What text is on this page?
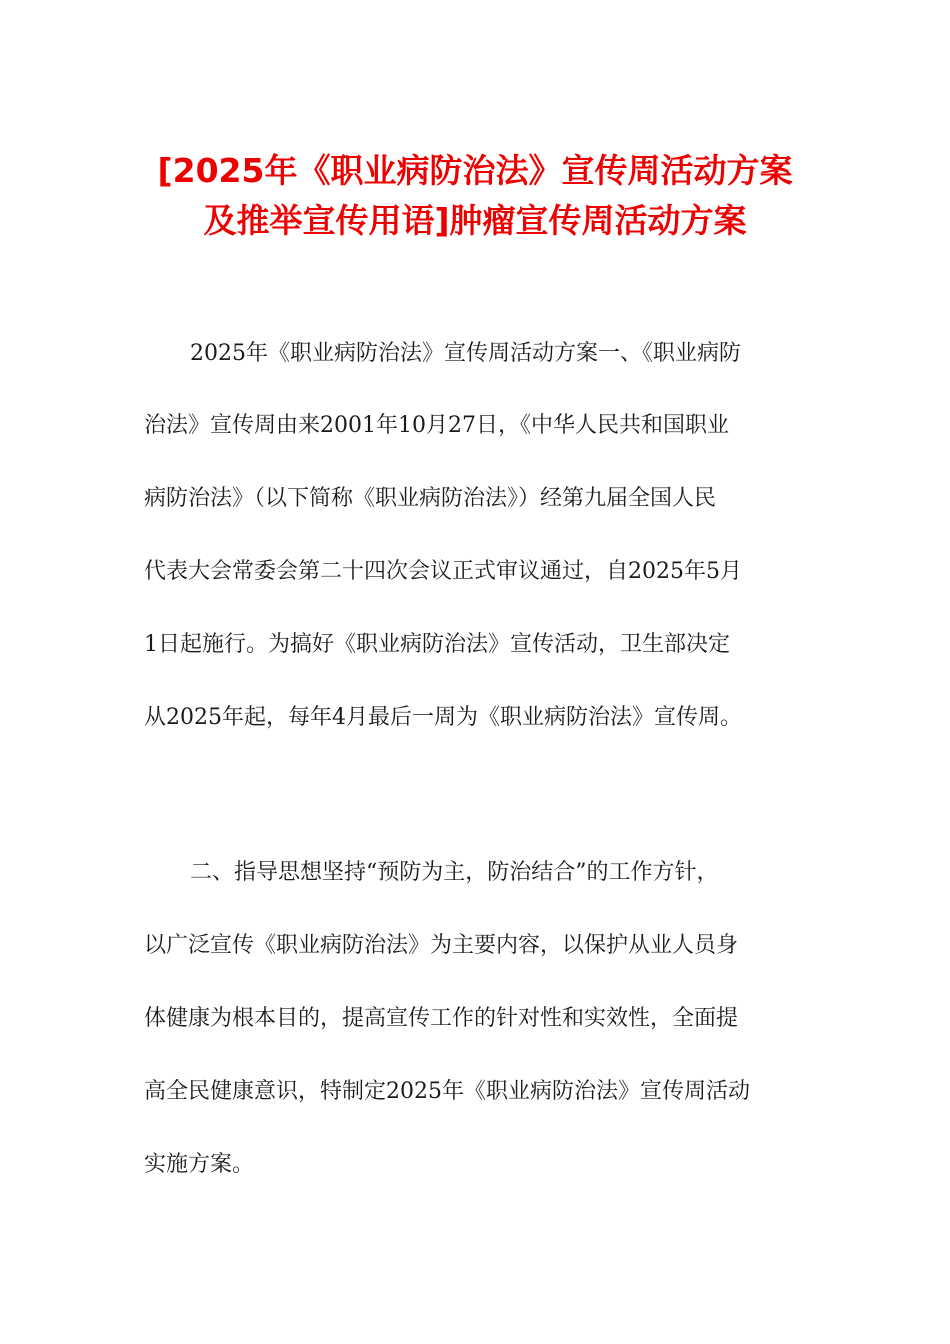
[2025年《职业病防治法》宣传周活动方案
及推举宣传用语]肿瘤宣传周活动方案

2025年《职业病防治法》宣传周活动方案一、《职业病防

治法》宣传周由来2001年10月27日，《中华人民共和国职业

病防治法》（以下简称《职业病防治法》）经第九届全国人民

代表大会常委会第二十四次会议正式审议通过，自2025年5月

1日起施行。为搞好《职业病防治法》宣传活动，卫生部决定

从2025年起，每年4月最后一周为《职业病防治法》宣传周。

二、指导思想坚持“预防为主，防治结合”的工作方针，

以广泛宣传《职业病防治法》为主要内容，以保护从业人员身

体健康为根本目的，提高宣传工作的针对性和实效性，全面提

高全民健康意识，特制定2025年《职业病防治法》宣传周活动

实施方案。
